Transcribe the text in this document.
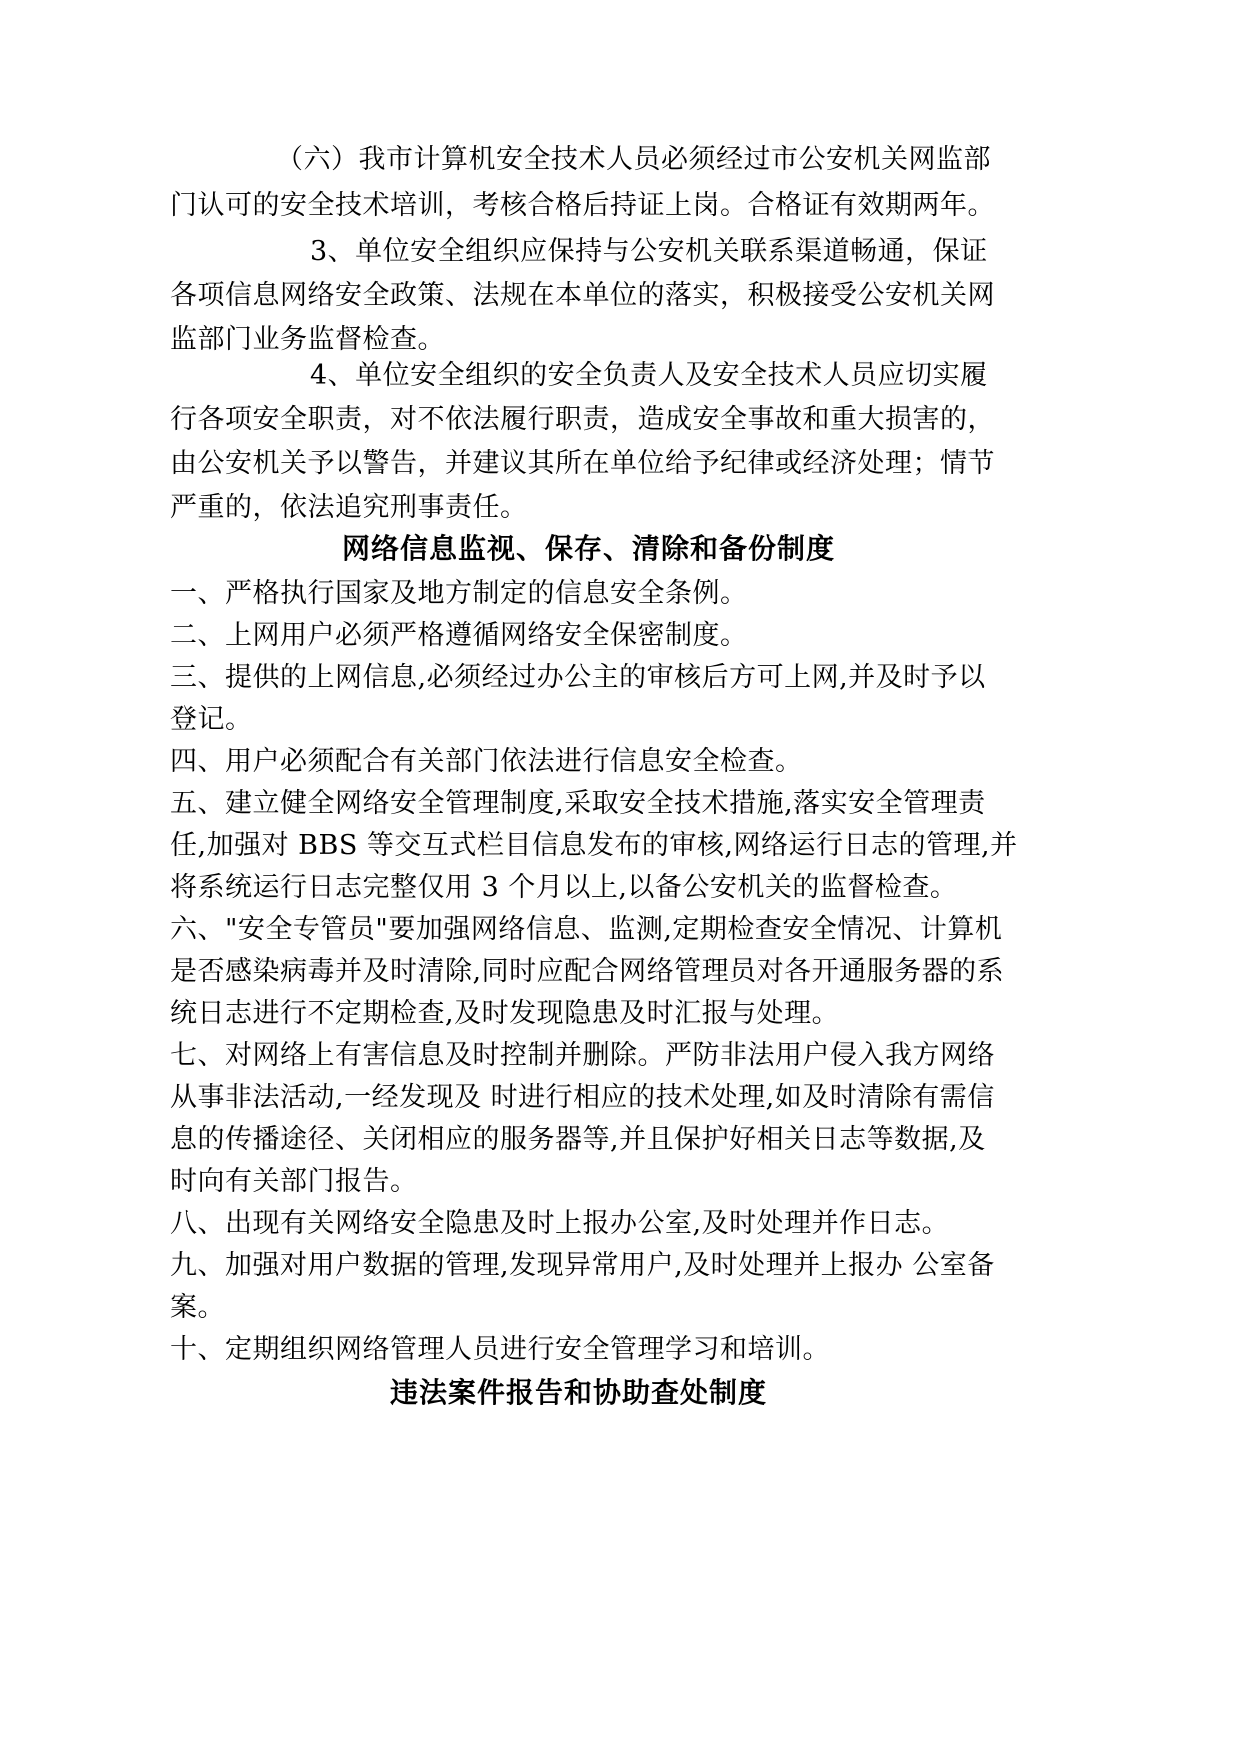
（六）我市计算机安全技术人员必须经过市公安机关网监部
门认可的安全技术培训，考核合格后持证上岗。合格证有效期两年。
3、单位安全组织应保持与公安机关联系渠道畅通，保证
各项信息网络安全政策、法规在本单位的落实，积极接受公安机关网
监部门业务监督检查。
4、单位安全组织的安全负责人及安全技术人员应切实履
行各项安全职责，对不依法履行职责，造成安全事故和重大损害的，
由公安机关予以警告，并建议其所在单位给予纪律或经济处理；情节
严重的，依法追究刑事责任。
网络信息监视、保存、清除和备份制度
一、严格执行国家及地方制定的信息安全条例。
二、上网用户必须严格遵循网络安全保密制度。
三、提供的上网信息,必须经过办公主的审核后方可上网,并及时予以
登记。
四、用户必须配合有关部门依法进行信息安全检查。
五、建立健全网络安全管理制度,采取安全技术措施,落实安全管理责
任,加强对 BBS 等交互式栏目信息发布的审核,网络运行日志的管理,并
将系统运行日志完整仅用 3 个月以上,以备公安机关的监督检查。
六、"安全专管员"要加强网络信息、监测,定期检查安全情况、计算机
是否感染病毒并及时清除,同时应配合网络管理员对各开通服务器的系
统日志进行不定期检查,及时发现隐患及时汇报与处理。
七、对网络上有害信息及时控制并删除。严防非法用户侵入我方网络
从事非法活动,一经发现及 时进行相应的技术处理,如及时清除有需信
息的传播途径、关闭相应的服务器等,并且保护好相关日志等数据,及
时向有关部门报告。
八、出现有关网络安全隐患及时上报办公室,及时处理并作日志。
九、加强对用户数据的管理,发现异常用户,及时处理并上报办 公室备
案。
十、定期组织网络管理人员进行安全管理学习和培训。
违法案件报告和协助查处制度
